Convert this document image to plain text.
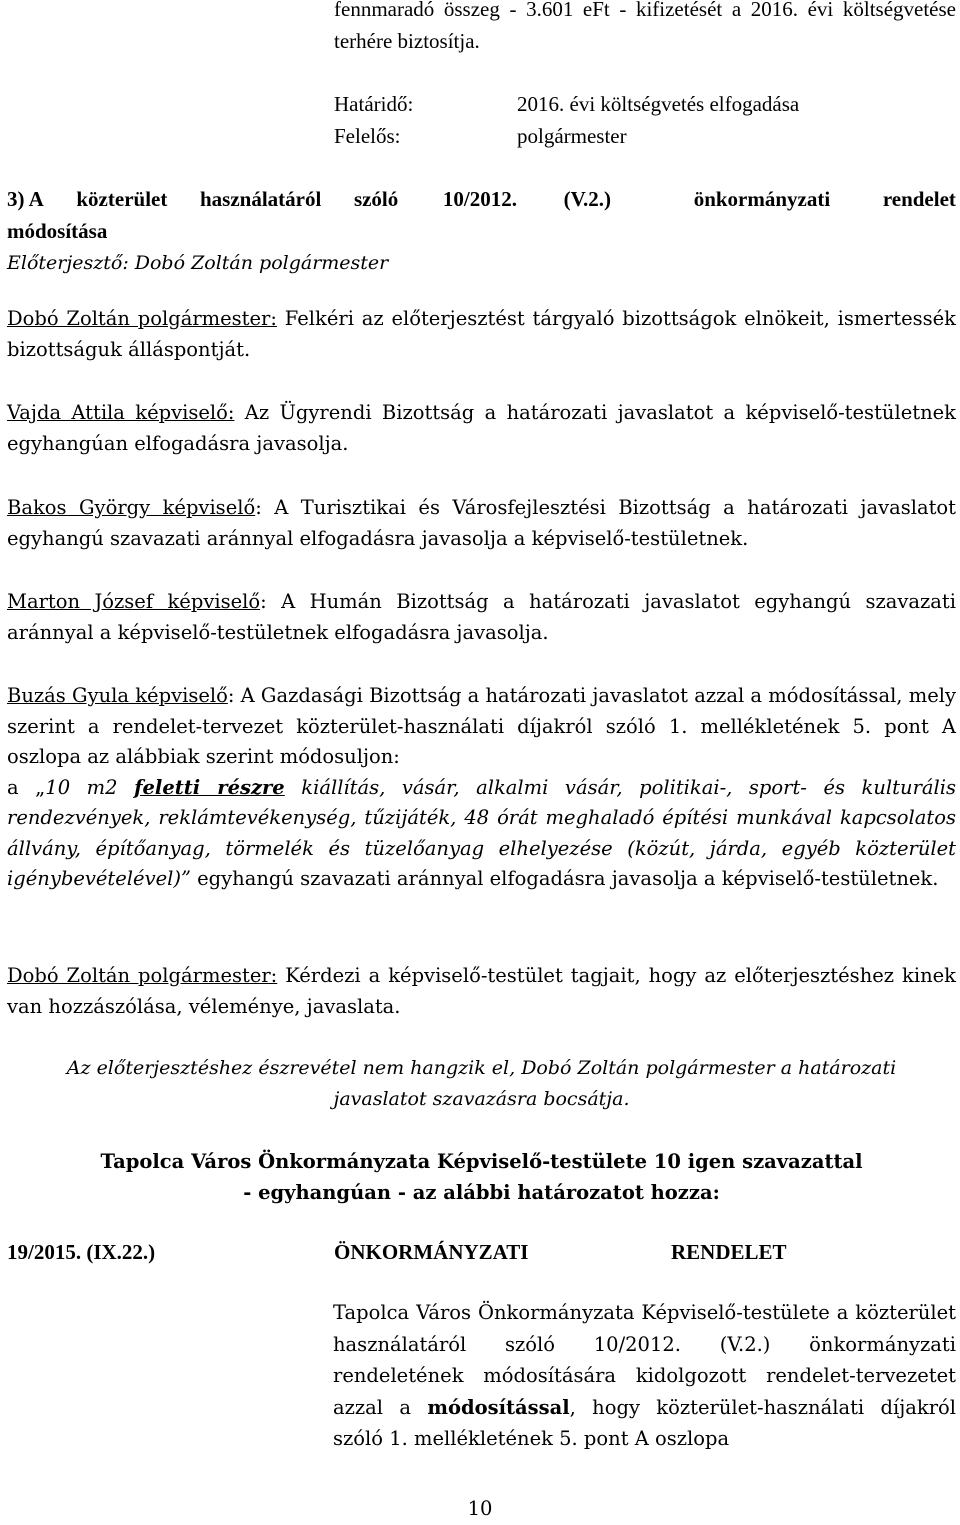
fennmaradó összeg - 3.601 eFt - kifizetését a 2016. évi költségvetése terhére biztosítja.
Határidő:	2016. évi költségvetés elfogadása
Felelős:	polgármester
3) A közterület használatáról szóló 10/2012. (V.2.)	önkormányzati	rendelet
módosítása
Előterjesztő: Dobó Zoltán polgármester

Dobó Zoltán polgármester: Felkéri az előterjesztést tárgyaló bizottságok elnökeit, ismertessék bizottságuk álláspontját.

Vajda Attila képviselő: Az Ügyrendi Bizottság a határozati javaslatot a képviselő-testületnek egyhangúan elfogadásra javasolja.

Bakos György képviselő: A Turisztikai és Városfejlesztési Bizottság a határozati javaslatot egyhangú szavazati aránnyal elfogadásra javasolja a képviselő-testületnek.

Marton József képviselő: A Humán Bizottság a határozati javaslatot egyhangú szavazati aránnyal a képviselő-testületnek elfogadásra javasolja.

Buzás Gyula képviselő: A Gazdasági Bizottság a határozati javaslatot azzal a módosítással, mely szerint a rendelet-tervezet közterület-használati díjakról szóló 1. mellékletének 5. pont A oszlopa az alábbiak szerint módosuljon:
a „10 m2 feletti részre kiállítás, vásár, alkalmi vásár, politikai-, sport- és kulturális rendezvények, reklámtevékenység, tűzijáték, 48 órát meghaladó építési munkával kapcsolatos állvány, építőanyag, törmelék és tüzelőanyag elhelyezése (közút, járda, egyéb közterület igénybevételével)” egyhangú szavazati aránnyal elfogadásra javasolja a képviselő-testületnek.

Dobó Zoltán polgármester: Kérdezi a képviselő-testület tagjait, hogy az előterjesztéshez kinek van hozzászólása, véleménye, javaslata.

Az előterjesztéshez észrevétel nem hangzik el, Dobó Zoltán polgármester a határozati
javaslatot szavazásra bocsátja.
Tapolca Város Önkormányzata Képviselő-testülete 10 igen szavazattal
- egyhangúan - az alábbi határozatot hozza:
19/2015. (IX.22.)	ÖNKORMÁNYZATI	RENDELET

Tapolca Város Önkormányzata Képviselő-testülete a közterület használatáról szóló 10/2012. (V.2.) önkormányzati rendeletének módosítására kidolgozott rendelet-tervezetet azzal a módosítással, hogy közterület-használati díjakról szóló 1. mellékletének 5. pont A oszlopa

10
